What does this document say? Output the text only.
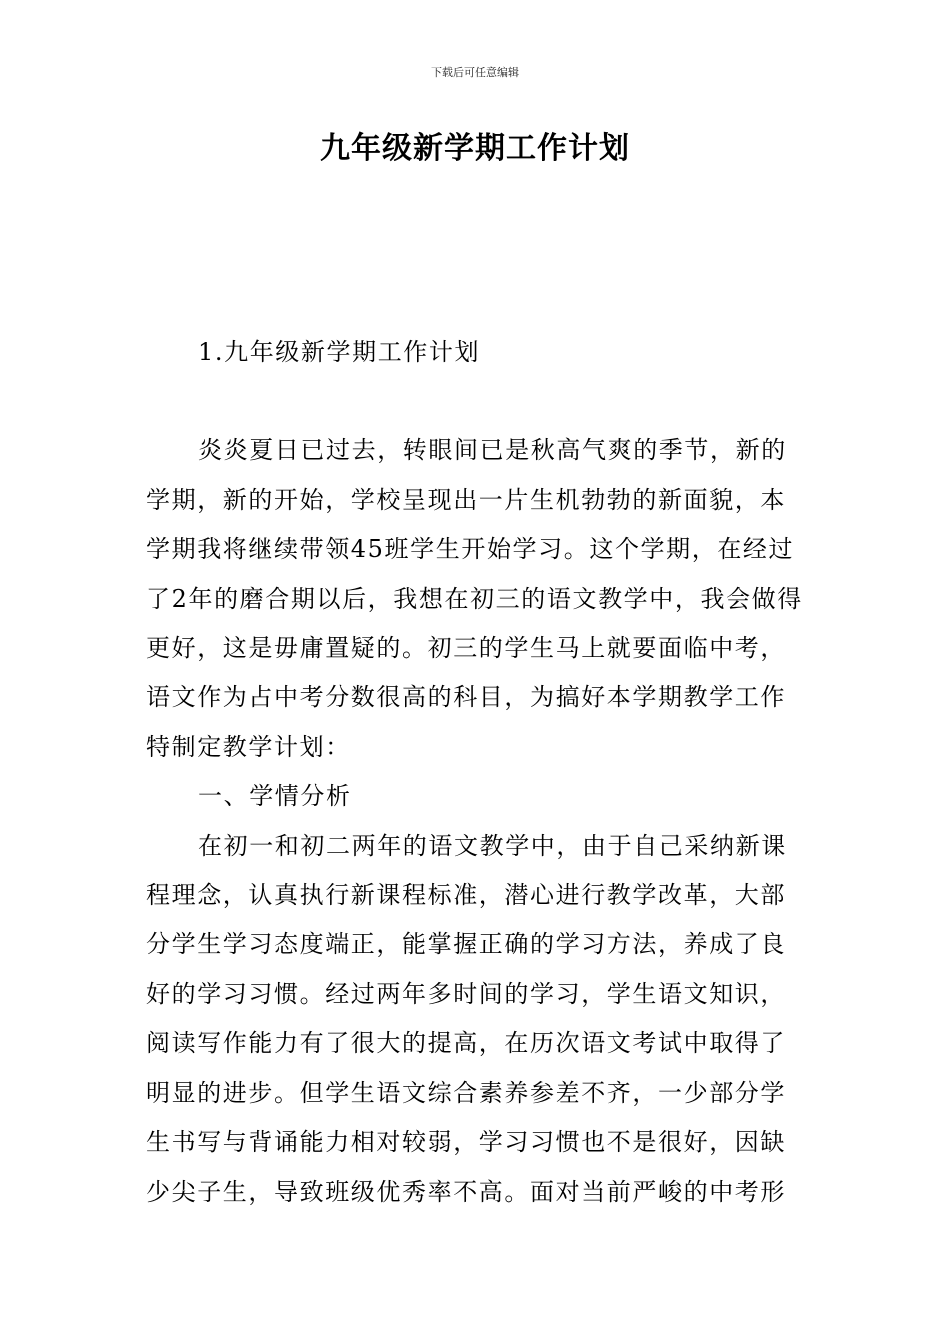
下载后可任意编辑
九年级新学期工作计划

1.九年级新学期工作计划

炎炎夏日已过去，转眼间已是秋高气爽的季节，新的
学期，新的开始，学校呈现出一片生机勃勃的新面貌，本
学期我将继续带领45班学生开始学习。这个学期，在经过
了2年的磨合期以后，我想在初三的语文教学中，我会做得
更好，这是毋庸置疑的。初三的学生马上就要面临中考，
语文作为占中考分数很高的科目，为搞好本学期教学工作
特制定教学计划：
一、学情分析
在初一和初二两年的语文教学中，由于自己采纳新课
程理念，认真执行新课程标准，潜心进行教学改革，大部
分学生学习态度端正，能掌握正确的学习方法，养成了良
好的学习习惯。经过两年多时间的学习，学生语文知识，
阅读写作能力有了很大的提高，在历次语文考试中取得了
明显的进步。但学生语文综合素养参差不齐，一少部分学
生书写与背诵能力相对较弱，学习习惯也不是很好，因缺
少尖子生，导致班级优秀率不高。面对当前严峻的中考形
